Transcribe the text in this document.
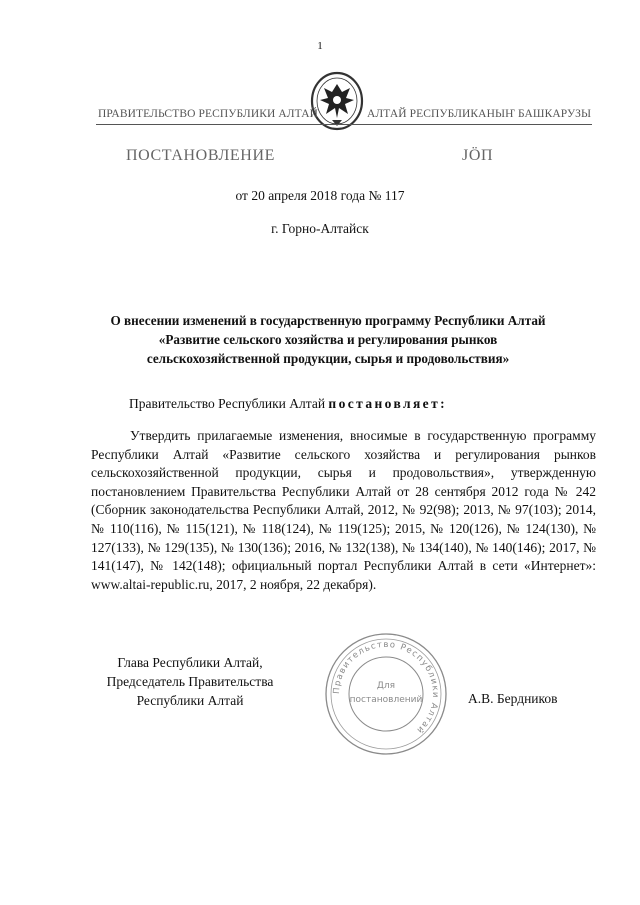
1
ПРАВИТЕЛЬСТВО РЕСПУБЛИКИ АЛТАЙ	АЛТАЙ РЕСПУБЛИКАНЫҤ БАШКАРУЗЫ
ПОСТАНОВЛЕНИЕ	ЈӦП
от 20 апреля 2018 года № 117
г. Горно-Алтайск
О внесении изменений в государственную программу Республики Алтай
«Развитие сельского хозяйства и регулирования рынков
сельскохозяйственной продукции, сырья и продовольствия»
Правительство Республики Алтай постановляет:

Утвердить прилагаемые изменения, вносимые в государственную программу Республики Алтай «Развитие сельского хозяйства и регулирования рынков сельскохозяйственной продукции, сырья и продовольствия», утвержденную постановлением Правительства Республики Алтай от 28 сентября 2012 года № 242 (Сборник законодательства Республики Алтай, 2012, № 92(98); 2013, № 97(103); 2014, № 110(116), № 115(121), № 118(124), № 119(125); 2015, № 120(126), № 124(130), № 127(133), № 129(135), № 130(136); 2016, № 132(138), № 134(140), № 140(146); 2017, № 141(147), № 142(148); официальный портал Республики Алтай в сети «Интернет»: www.altai-republic.ru, 2017, 2 ноября, 22 декабря).

Глава Республики Алтай,
Председатель Правительства
Республики Алтай
Правительство Республики Алтай
Для
постановлений	А.В. Бердников
